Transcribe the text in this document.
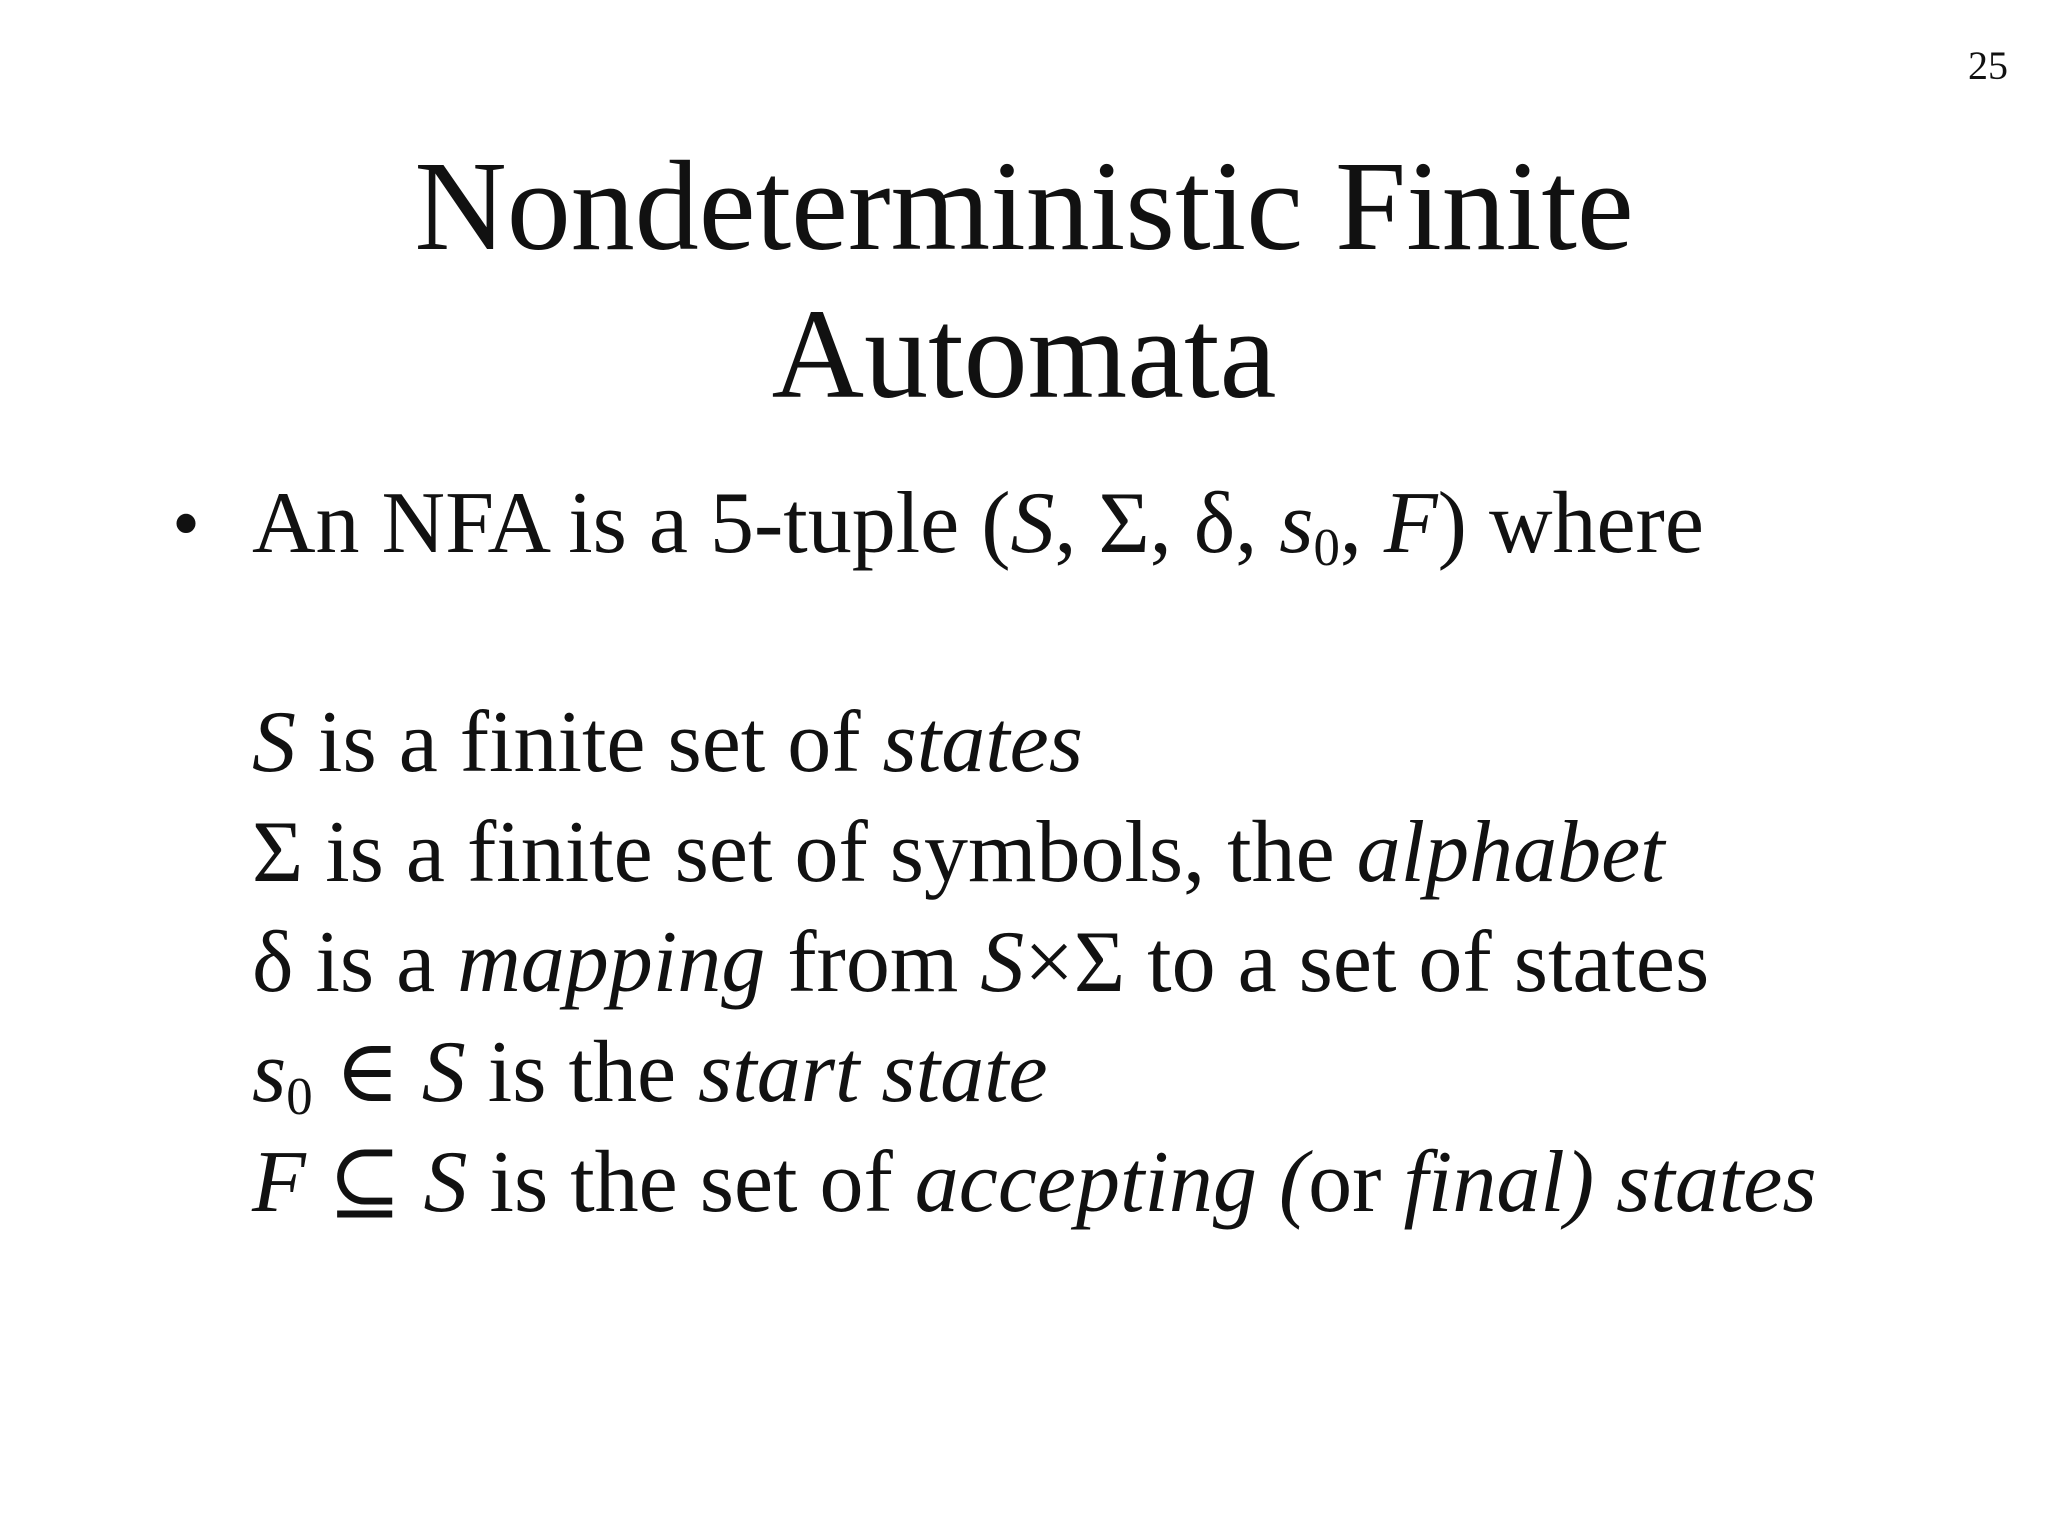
25
Nondeterministic Finite
Automata
• An NFA is a 5-tuple (S, Σ, δ, $s_0$, F) where
S is a finite set of states
Σ is a finite set of symbols, the alphabet
δ is a mapping from S×Σ to a set of states
$s_0$ ∈ S is the start state
F ⊆ S is the set of accepting (or final) states
